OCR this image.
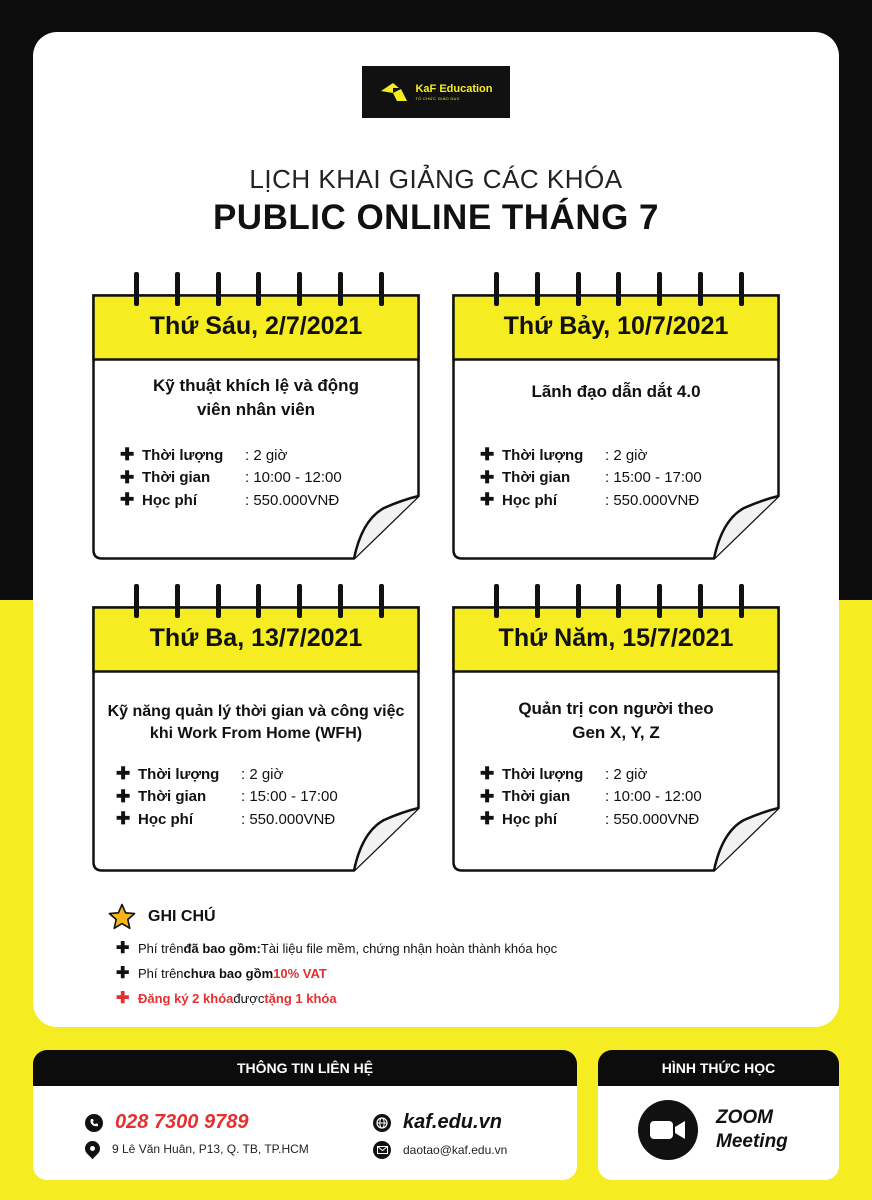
KaF Education
TỔ CHỨC GIÁO DỤC
LỊCH KHAI GIẢNG CÁC KHÓA
PUBLIC ONLINE THÁNG 7
Thứ Sáu, 2/7/2021
Kỹ thuật khích lệ và động viên nhân viên
✚ Thời lượng	: 2 giờ
✚ Thời gian	: 10:00 - 12:00
✚ Học phí	: 550.000VNĐ
Thứ Bảy, 10/7/2021
Lãnh đạo dẫn dắt 4.0
✚ Thời lượng	: 2 giờ
✚ Thời gian	: 15:00 - 17:00
✚ Học phí	: 550.000VNĐ
Thứ Ba, 13/7/2021
Kỹ năng quản lý thời gian và công việc khi Work From Home (WFH)
✚ Thời lượng	: 2 giờ
✚ Thời gian	: 15:00 - 17:00
✚ Học phí	: 550.000VNĐ
Thứ Năm, 15/7/2021
Quản trị con người theo Gen X, Y, Z
✚ Thời lượng	: 2 giờ
✚ Thời gian	: 10:00 - 12:00
✚ Học phí	: 550.000VNĐ
GHI CHÚ
✚ Phí trên đã bao gồm: Tài liệu file mềm, chứng nhận hoàn thành khóa học
✚ Phí trên chưa bao gồm 10% VAT
✚ Đăng ký 2 khóa được tặng 1 khóa
THÔNG TIN LIÊN HỆ
028 7300 9789
9 Lê Văn Huân, P13, Q. TB, TP.HCM
kaf.edu.vn
daotao@kaf.edu.vn
HÌNH THỨC HỌC
ZOOM
Meeting
